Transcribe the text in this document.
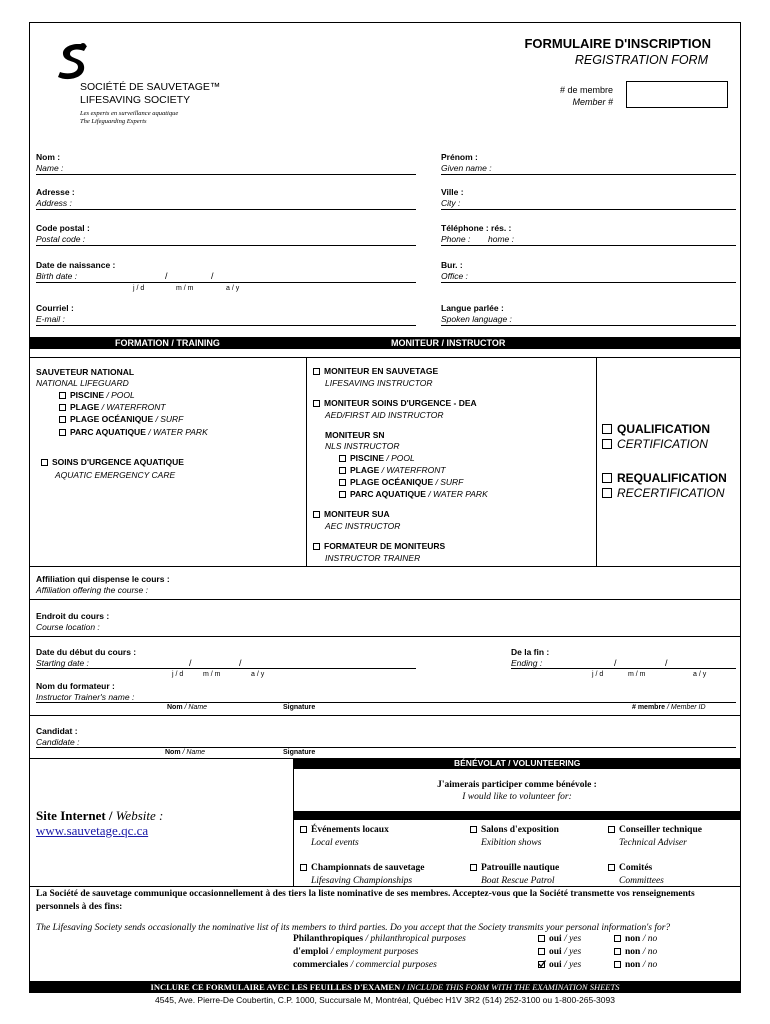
SOCIÉTÉ DE SAUVETAGE™
LIFESAVING SOCIETY
Les experts en surveillance aquatique
The Lifeguarding Experts
FORMULAIRE D'INSCRIPTION
REGISTRATION FORM
# de membre
Member #
Nom :
Name :
Prénom :
Given name :
Adresse :
Address :
Ville :
City :
Code postal :
Postal code :
Téléphone : rés. :
Phone : home :
Date de naissance :
Birth date :	/	/
j / d	m / m	a / y
Bur. :
Office :
Courriel :
E-mail :
Langue parlée :
Spoken language :
FORMATION / TRAINING	MONITEUR / INSTRUCTOR
SAUVETEUR NATIONAL
NATIONAL LIFEGUARD
PISCINE / POOL
PLAGE / WATERFRONT
PLAGE OCÉANIQUE / SURF
PARC AQUATIQUE / WATER PARK
SOINS D'URGENCE AQUATIQUE
AQUATIC EMERGENCY CARE
MONITEUR EN SAUVETAGE
LIFESAVING INSTRUCTOR
MONITEUR SOINS D'URGENCE - DEA
AED/FIRST AID INSTRUCTOR
MONITEUR SN
NLS INSTRUCTOR
PISCINE / POOL
PLAGE / WATERFRONT
PLAGE OCÉANIQUE / SURF
PARC AQUATIQUE / WATER PARK
MONITEUR SUA
AEC INSTRUCTOR
FORMATEUR DE MONITEURS
INSTRUCTOR TRAINER
QUALIFICATION
CERTIFICATION
REQUALIFICATION
RECERTIFICATION
Affiliation qui dispense le cours :
Affiliation offering the course :
Endroit du cours :
Course location :
Date du début du cours :
Starting date :	/	/
j / d	m / m	a / y
De la fin :
Ending :	/	/
j / d	m / m	a / y
Nom du formateur :
Instructor Trainer's name :
Nom / Name	Signature	# membre / Member ID
Candidat :
Candidate :
Nom / Name	Signature
BÉNÉVOLAT / VOLUNTEERING
J'aimerais participer comme bénévole :
I would like to volunteer for:
Site Internet / Website :
www.sauvetage.qc.ca	Événements locaux
Local events
Salons d'exposition
Exibition shows
Conseiller technique
Technical Adviser
Championnats de sauvetage
Lifesaving Championships
Patrouille nautique
Boat Rescue Patrol
Comités
Committees
La Société de sauvetage communique occasionnellement à des tiers la liste nominative de ses membres. Acceptez-vous que la Société transmette vos renseignements personnels à des fins:
The Lifesaving Society sends occasionally the nominative list of its members to third parties. Do you accept that the Society transmits your personal information's for?
Philanthropiques / philanthropical purposes	oui / yes	non / no
d'emploi / employment purposes	oui / yes	non / no
commerciales / commercial purposes	oui / yes	non / no
INCLURE CE FORMULAIRE AVEC LES FEUILLES D'EXAMEN / INCLUDE THIS FORM WITH THE EXAMINATION SHEETS
4545, Ave. Pierre-De Coubertin, C.P. 1000, Succursale M, Montréal, Québec H1V 3R2 (514) 252-3100 ou 1-800-265-3093
